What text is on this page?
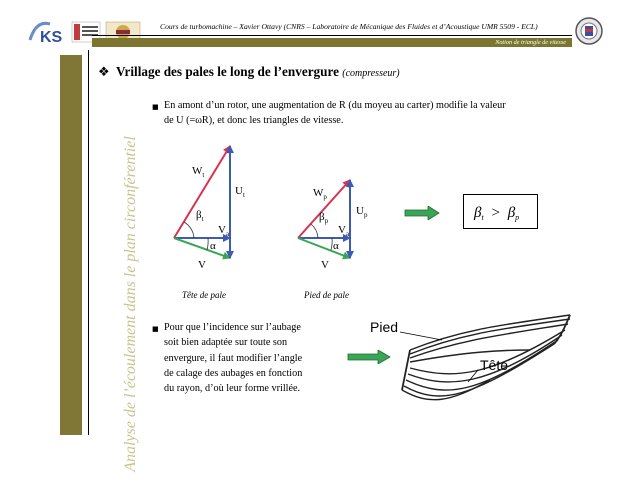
KS
Cours de turbomachine – Xavier Ottavy (CNRS – Laboratoire de Mécanique des Fluides et d’Acoustique UMR 5509 - ECL)
Notion de triangle de vitesse
Analyse de l’écoulement dans le plan circonférentiel
❖ Vrillage des pales le long de l’envergure (compresseur)
■ En amont d’un rotor, une augmentation de R (du moyeu au carter) modifie la valeur
de U (=ωR), et donc les triangles de vitesse.
$W_t$
$\beta_t$
$U_t$
$V_a$
α
V
Tête de pale
$W_p$
$\beta_p$
$U_p$
$V_a$
α
V
Pied de pale
$\beta_t > \beta_p$
■ Pour que l’incidence sur l’aubage
soit bien adaptée sur toute son
envergure, il faut modifier l’angle
de calage des aubages en fonction
du rayon, d’où leur forme vrillée.
Pied
Tête
